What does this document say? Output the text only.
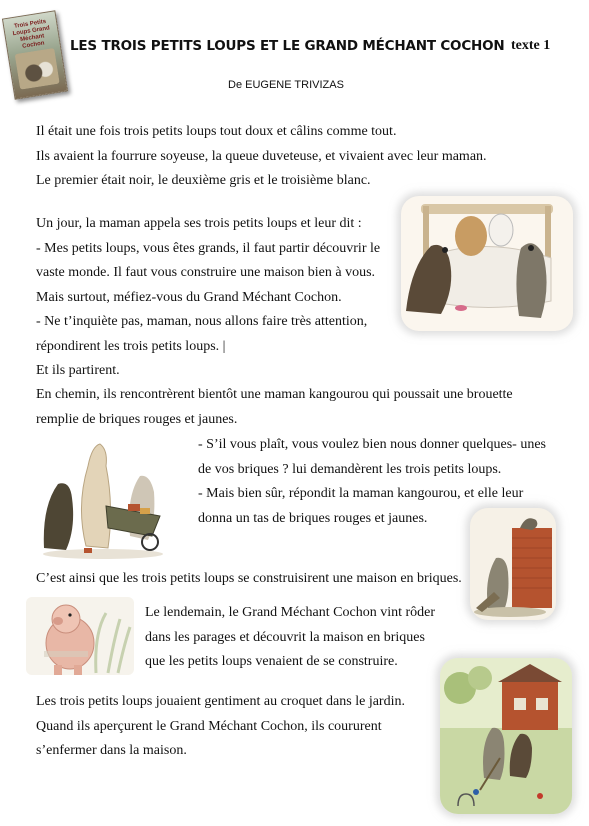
Trois Petits Loups Grand Méchant Cochon	LES TROIS PETITS LOUPS ET LE GRAND MÉCHANT COCHON texte 1
De EUGENE TRIVIZAS
Il était une fois trois petits loups tout doux et câlins comme tout.
Ils avaient la fourrure soyeuse, la queue duveteuse, et vivaient avec leur maman.
Le premier était noir, le deuxième gris et le troisième blanc.
Un jour, la maman appela ses trois petits loups et leur dit :
- Mes petits loups, vous êtes grands, il faut partir découvrir le
vaste monde. Il faut vous construire une maison bien à vous.
Mais surtout, méfiez-vous du Grand Méchant Cochon.
- Ne t’inquiète pas, maman, nous allons faire très attention,
répondirent les trois petits loups. |
Et ils partirent.
En chemin, ils rencontrèrent bientôt une maman kangourou qui poussait une brouette
remplie de briques rouges et jaunes.
- S’il vous plaît, vous voulez bien nous donner quelques- unes
de vos briques ? lui demandèrent les trois petits loups.
- Mais bien sûr, répondit la maman kangourou, et elle leur
donna un tas de briques rouges et jaunes.
C’est ainsi que les trois petits loups se construisirent une maison en briques.
Le lendemain, le Grand Méchant Cochon vint rôder
dans les parages et découvrit la maison en briques
que les petits loups venaient de se construire.
Les trois petits loups jouaient gentiment au croquet dans le jardin.
Quand ils aperçurent le Grand Méchant Cochon, ils coururent
s’enfermer dans la maison.
